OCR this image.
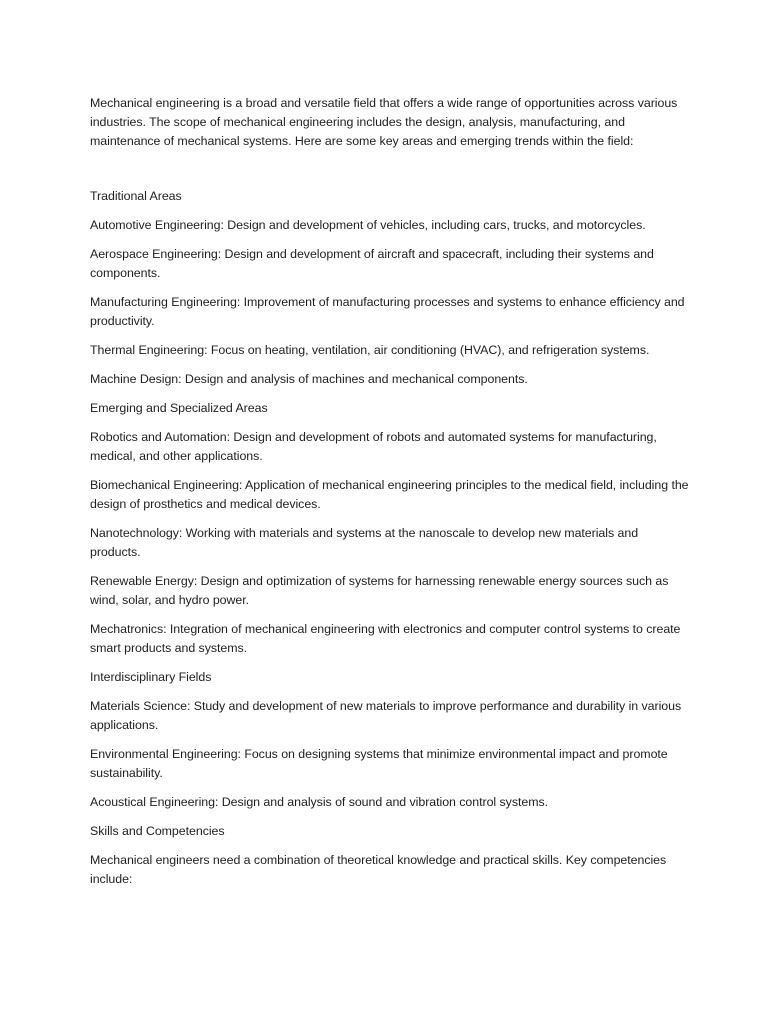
Mechanical engineering is a broad and versatile field that offers a wide range of opportunities across various industries. The scope of mechanical engineering includes the design, analysis, manufacturing, and maintenance of mechanical systems. Here are some key areas and emerging trends within the field:

Traditional Areas

Automotive Engineering: Design and development of vehicles, including cars, trucks, and motorcycles.

Aerospace Engineering: Design and development of aircraft and spacecraft, including their systems and components.

Manufacturing Engineering: Improvement of manufacturing processes and systems to enhance efficiency and productivity.

Thermal Engineering: Focus on heating, ventilation, air conditioning (HVAC), and refrigeration systems.

Machine Design: Design and analysis of machines and mechanical components.

Emerging and Specialized Areas

Robotics and Automation: Design and development of robots and automated systems for manufacturing, medical, and other applications.

Biomechanical Engineering: Application of mechanical engineering principles to the medical field, including the design of prosthetics and medical devices.

Nanotechnology: Working with materials and systems at the nanoscale to develop new materials and products.

Renewable Energy: Design and optimization of systems for harnessing renewable energy sources such as wind, solar, and hydro power.

Mechatronics: Integration of mechanical engineering with electronics and computer control systems to create smart products and systems.

Interdisciplinary Fields

Materials Science: Study and development of new materials to improve performance and durability in various applications.

Environmental Engineering: Focus on designing systems that minimize environmental impact and promote sustainability.

Acoustical Engineering: Design and analysis of sound and vibration control systems.

Skills and Competencies

Mechanical engineers need a combination of theoretical knowledge and practical skills. Key competencies include:
